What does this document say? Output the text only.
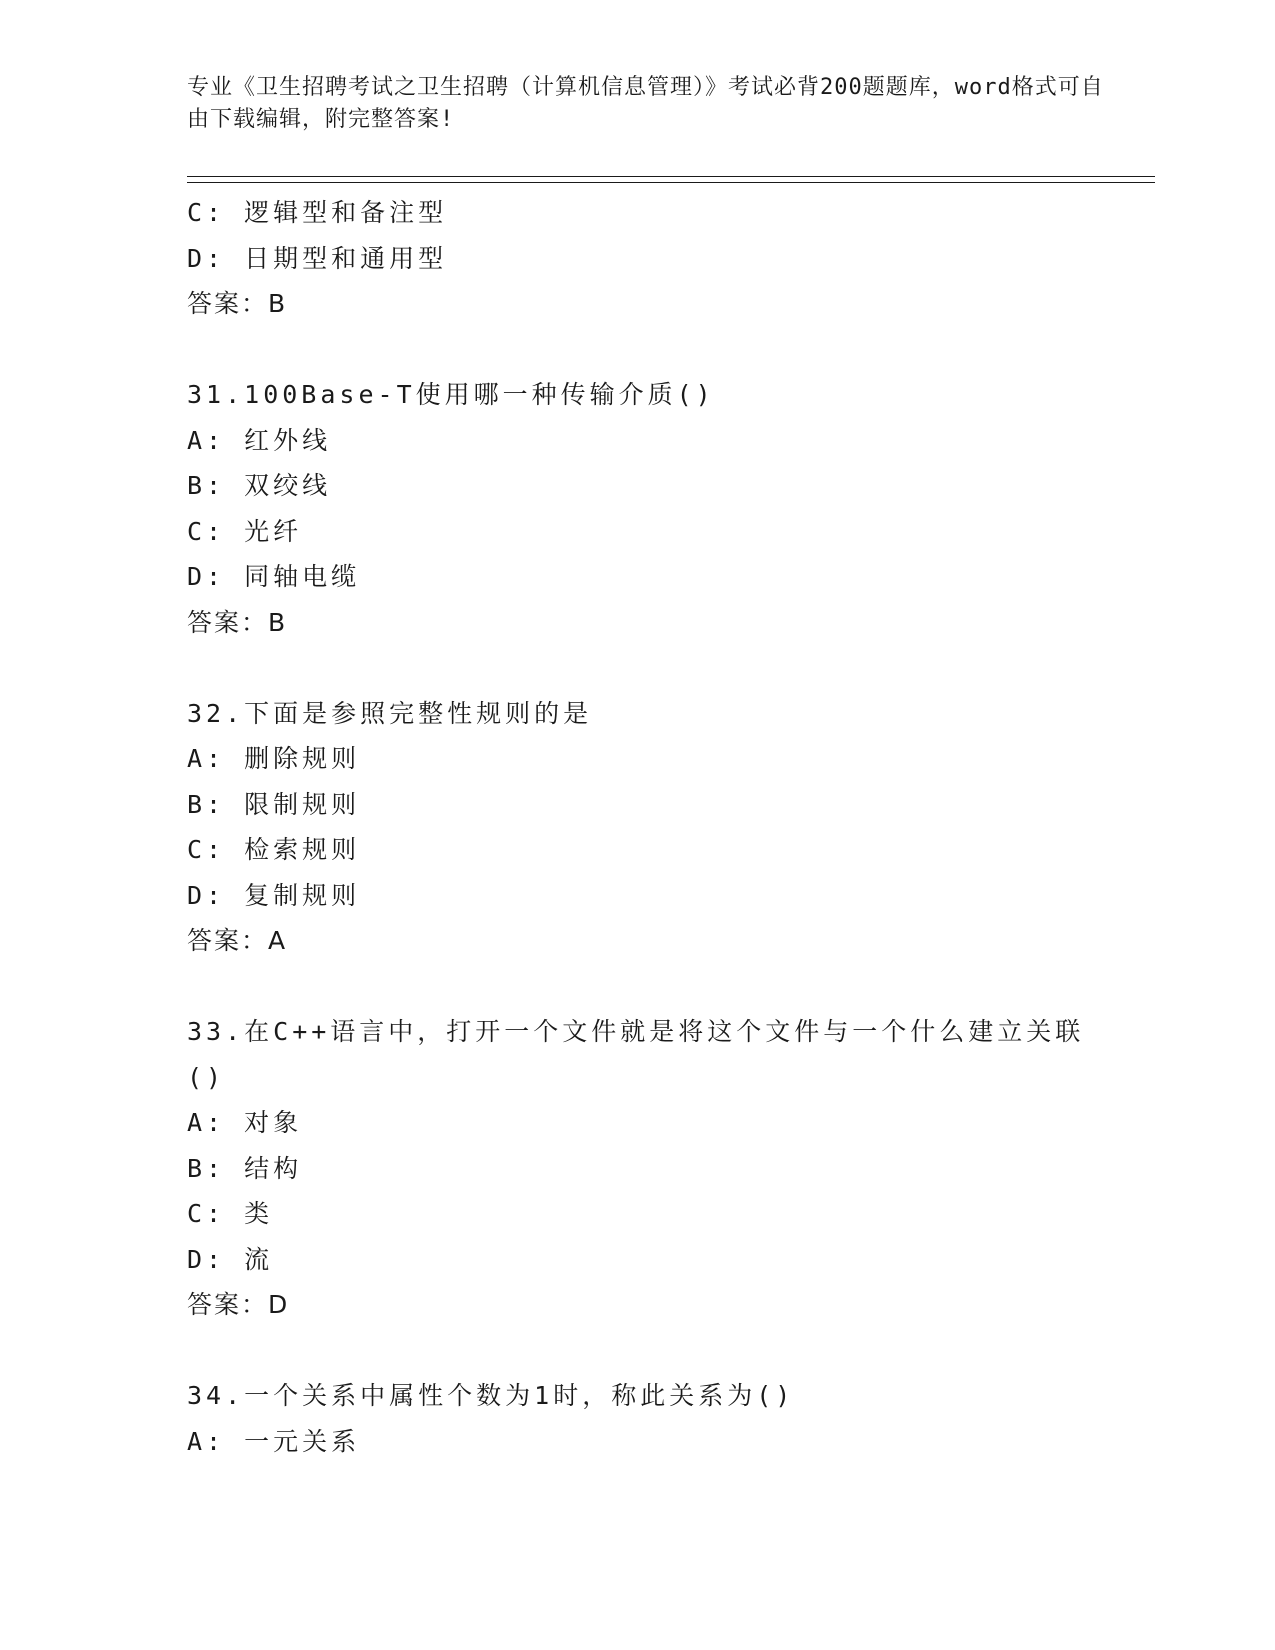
专业《卫生招聘考试之卫生招聘（计算机信息管理）》考试必背200题题库，word格式可自由下载编辑，附完整答案!
C: 逻辑型和备注型
D: 日期型和通用型
答案：B
31.100Base-T使用哪一种传输介质()
A: 红外线
B: 双绞线
C: 光纤
D: 同轴电缆
答案：B
32.下面是参照完整性规则的是
A: 删除规则
B: 限制规则
C: 检索规则
D: 复制规则
答案：A
33.在C++语言中，打开一个文件就是将这个文件与一个什么建立关联()
A: 对象
B: 结构
C: 类
D: 流
答案：D
34.一个关系中属性个数为1时，称此关系为()
A: 一元关系
